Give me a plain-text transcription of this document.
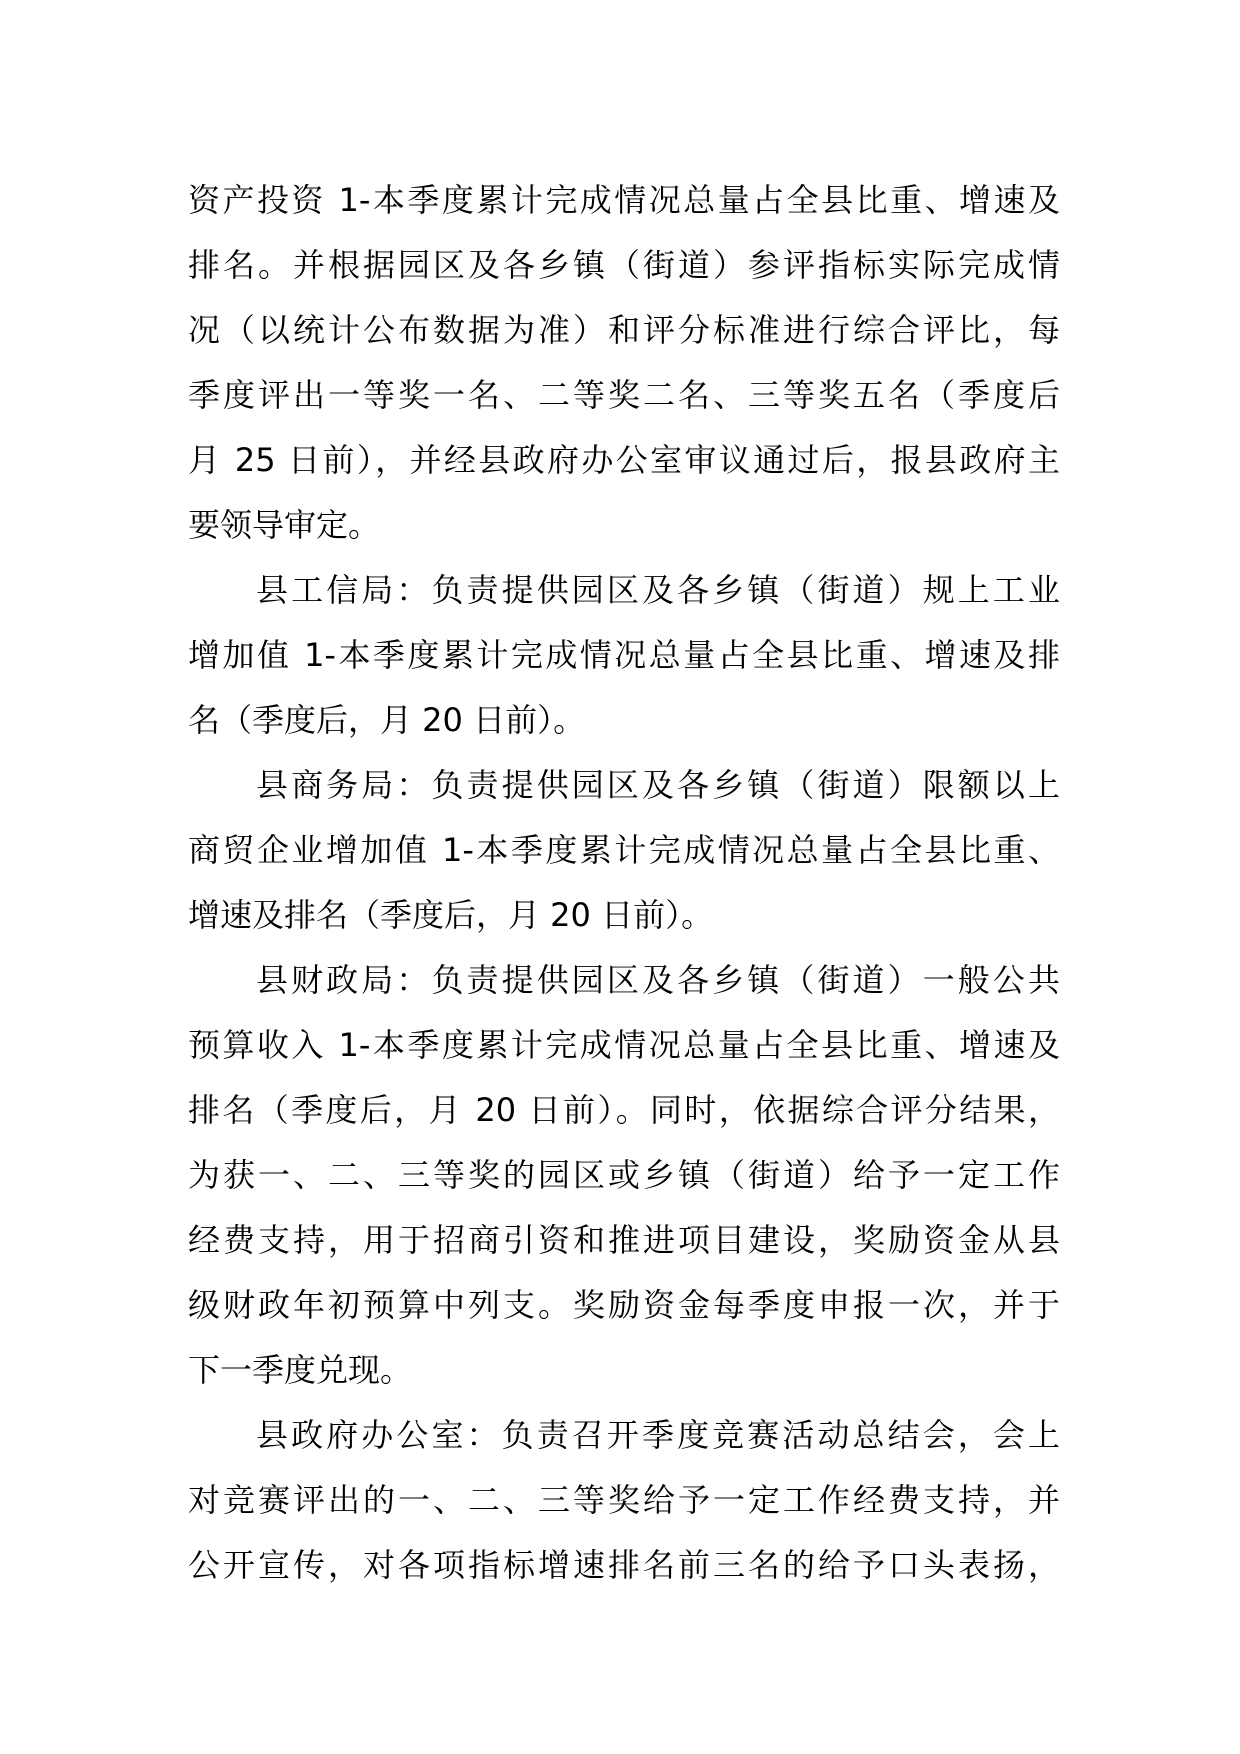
资产投资 1-本季度累计完成情况总量占全县比重、增速及
排名。并根据园区及各乡镇（街道）参评指标实际完成情
况（以统计公布数据为准）和评分标准进行综合评比，每
季度评出一等奖一名、二等奖二名、三等奖五名（季度后
月 25 日前），并经县政府办公室审议通过后，报县政府主
要领导审定。
县工信局：负责提供园区及各乡镇（街道）规上工业
增加值 1-本季度累计完成情况总量占全县比重、增速及排
名（季度后，月 20 日前）。
县商务局：负责提供园区及各乡镇（街道）限额以上
商贸企业增加值 1-本季度累计完成情况总量占全县比重、
增速及排名（季度后，月 20 日前）。
县财政局：负责提供园区及各乡镇（街道）一般公共
预算收入 1-本季度累计完成情况总量占全县比重、增速及
排名（季度后，月 20 日前）。同时，依据综合评分结果，
为获一、二、三等奖的园区或乡镇（街道）给予一定工作
经费支持，用于招商引资和推进项目建设，奖励资金从县
级财政年初预算中列支。奖励资金每季度申报一次，并于
下一季度兑现。
县政府办公室：负责召开季度竞赛活动总结会，会上
对竞赛评出的一、二、三等奖给予一定工作经费支持，并
公开宣传，对各项指标增速排名前三名的给予口头表扬，
